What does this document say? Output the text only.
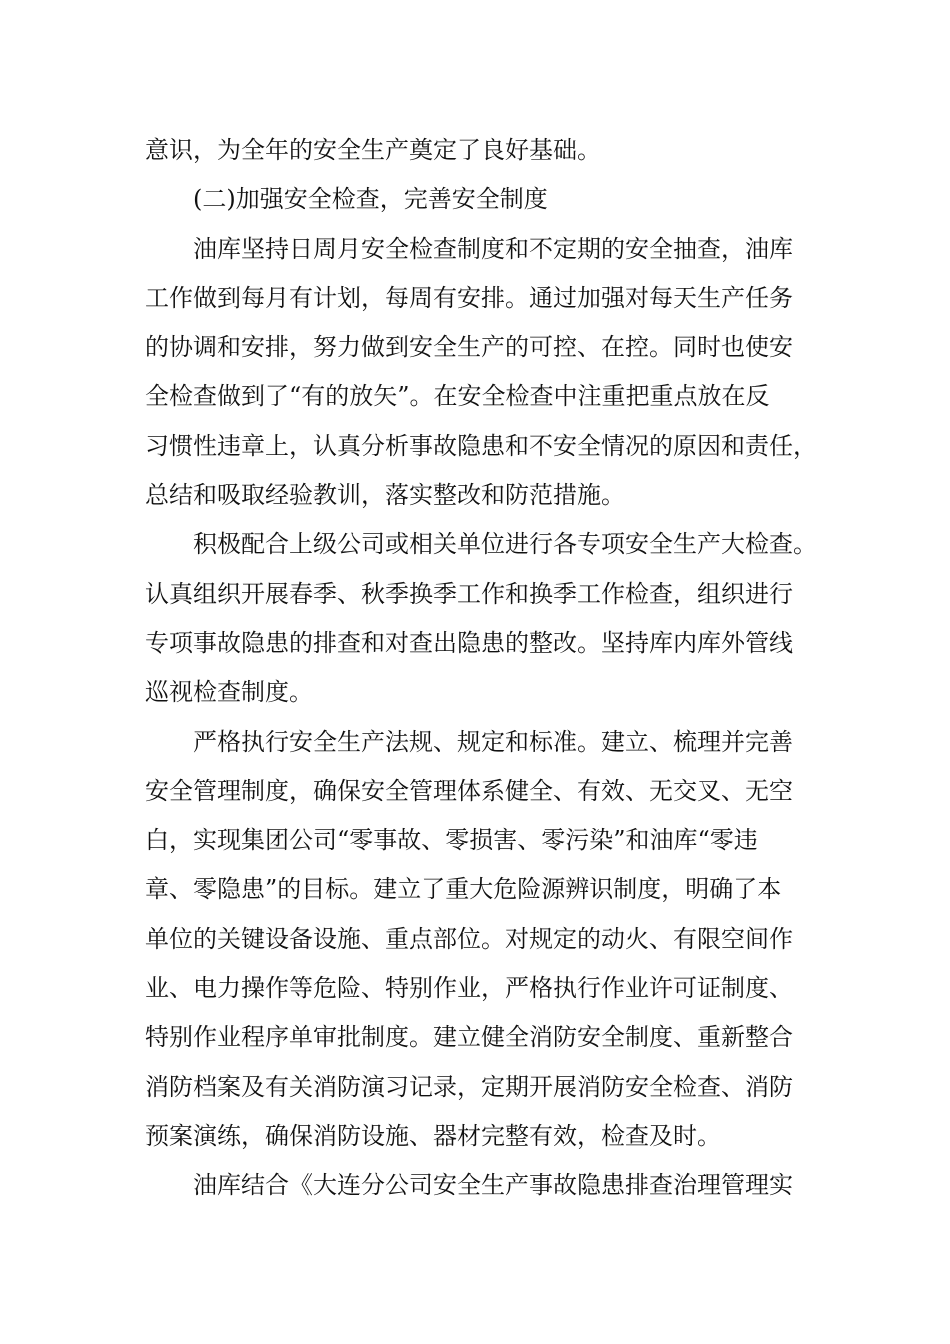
意识，为全年的安全生产奠定了良好基础。
(二)加强安全检查，完善安全制度
油库坚持日周月安全检查制度和不定期的安全抽查，油库
工作做到每月有计划，每周有安排。通过加强对每天生产任务
的协调和安排，努力做到安全生产的可控、在控。同时也使安
全检查做到了“有的放矢”。在安全检查中注重把重点放在反
习惯性违章上，认真分析事故隐患和不安全情况的原因和责任，
总结和吸取经验教训，落实整改和防范措施。
积极配合上级公司或相关单位进行各专项安全生产大检查。
认真组织开展春季、秋季换季工作和换季工作检查，组织进行
专项事故隐患的排查和对查出隐患的整改。坚持库内库外管线
巡视检查制度。
严格执行安全生产法规、规定和标准。建立、梳理并完善
安全管理制度，确保安全管理体系健全、有效、无交叉、无空
白，实现集团公司“零事故、零损害、零污染”和油库“零违
章、零隐患”的目标。建立了重大危险源辨识制度，明确了本
单位的关键设备设施、重点部位。对规定的动火、有限空间作
业、电力操作等危险、特别作业，严格执行作业许可证制度、
特别作业程序单审批制度。建立健全消防安全制度、重新整合
消防档案及有关消防演习记录，定期开展消防安全检查、消防
预案演练，确保消防设施、器材完整有效，检查及时。
油库结合《大连分公司安全生产事故隐患排查治理管理实
